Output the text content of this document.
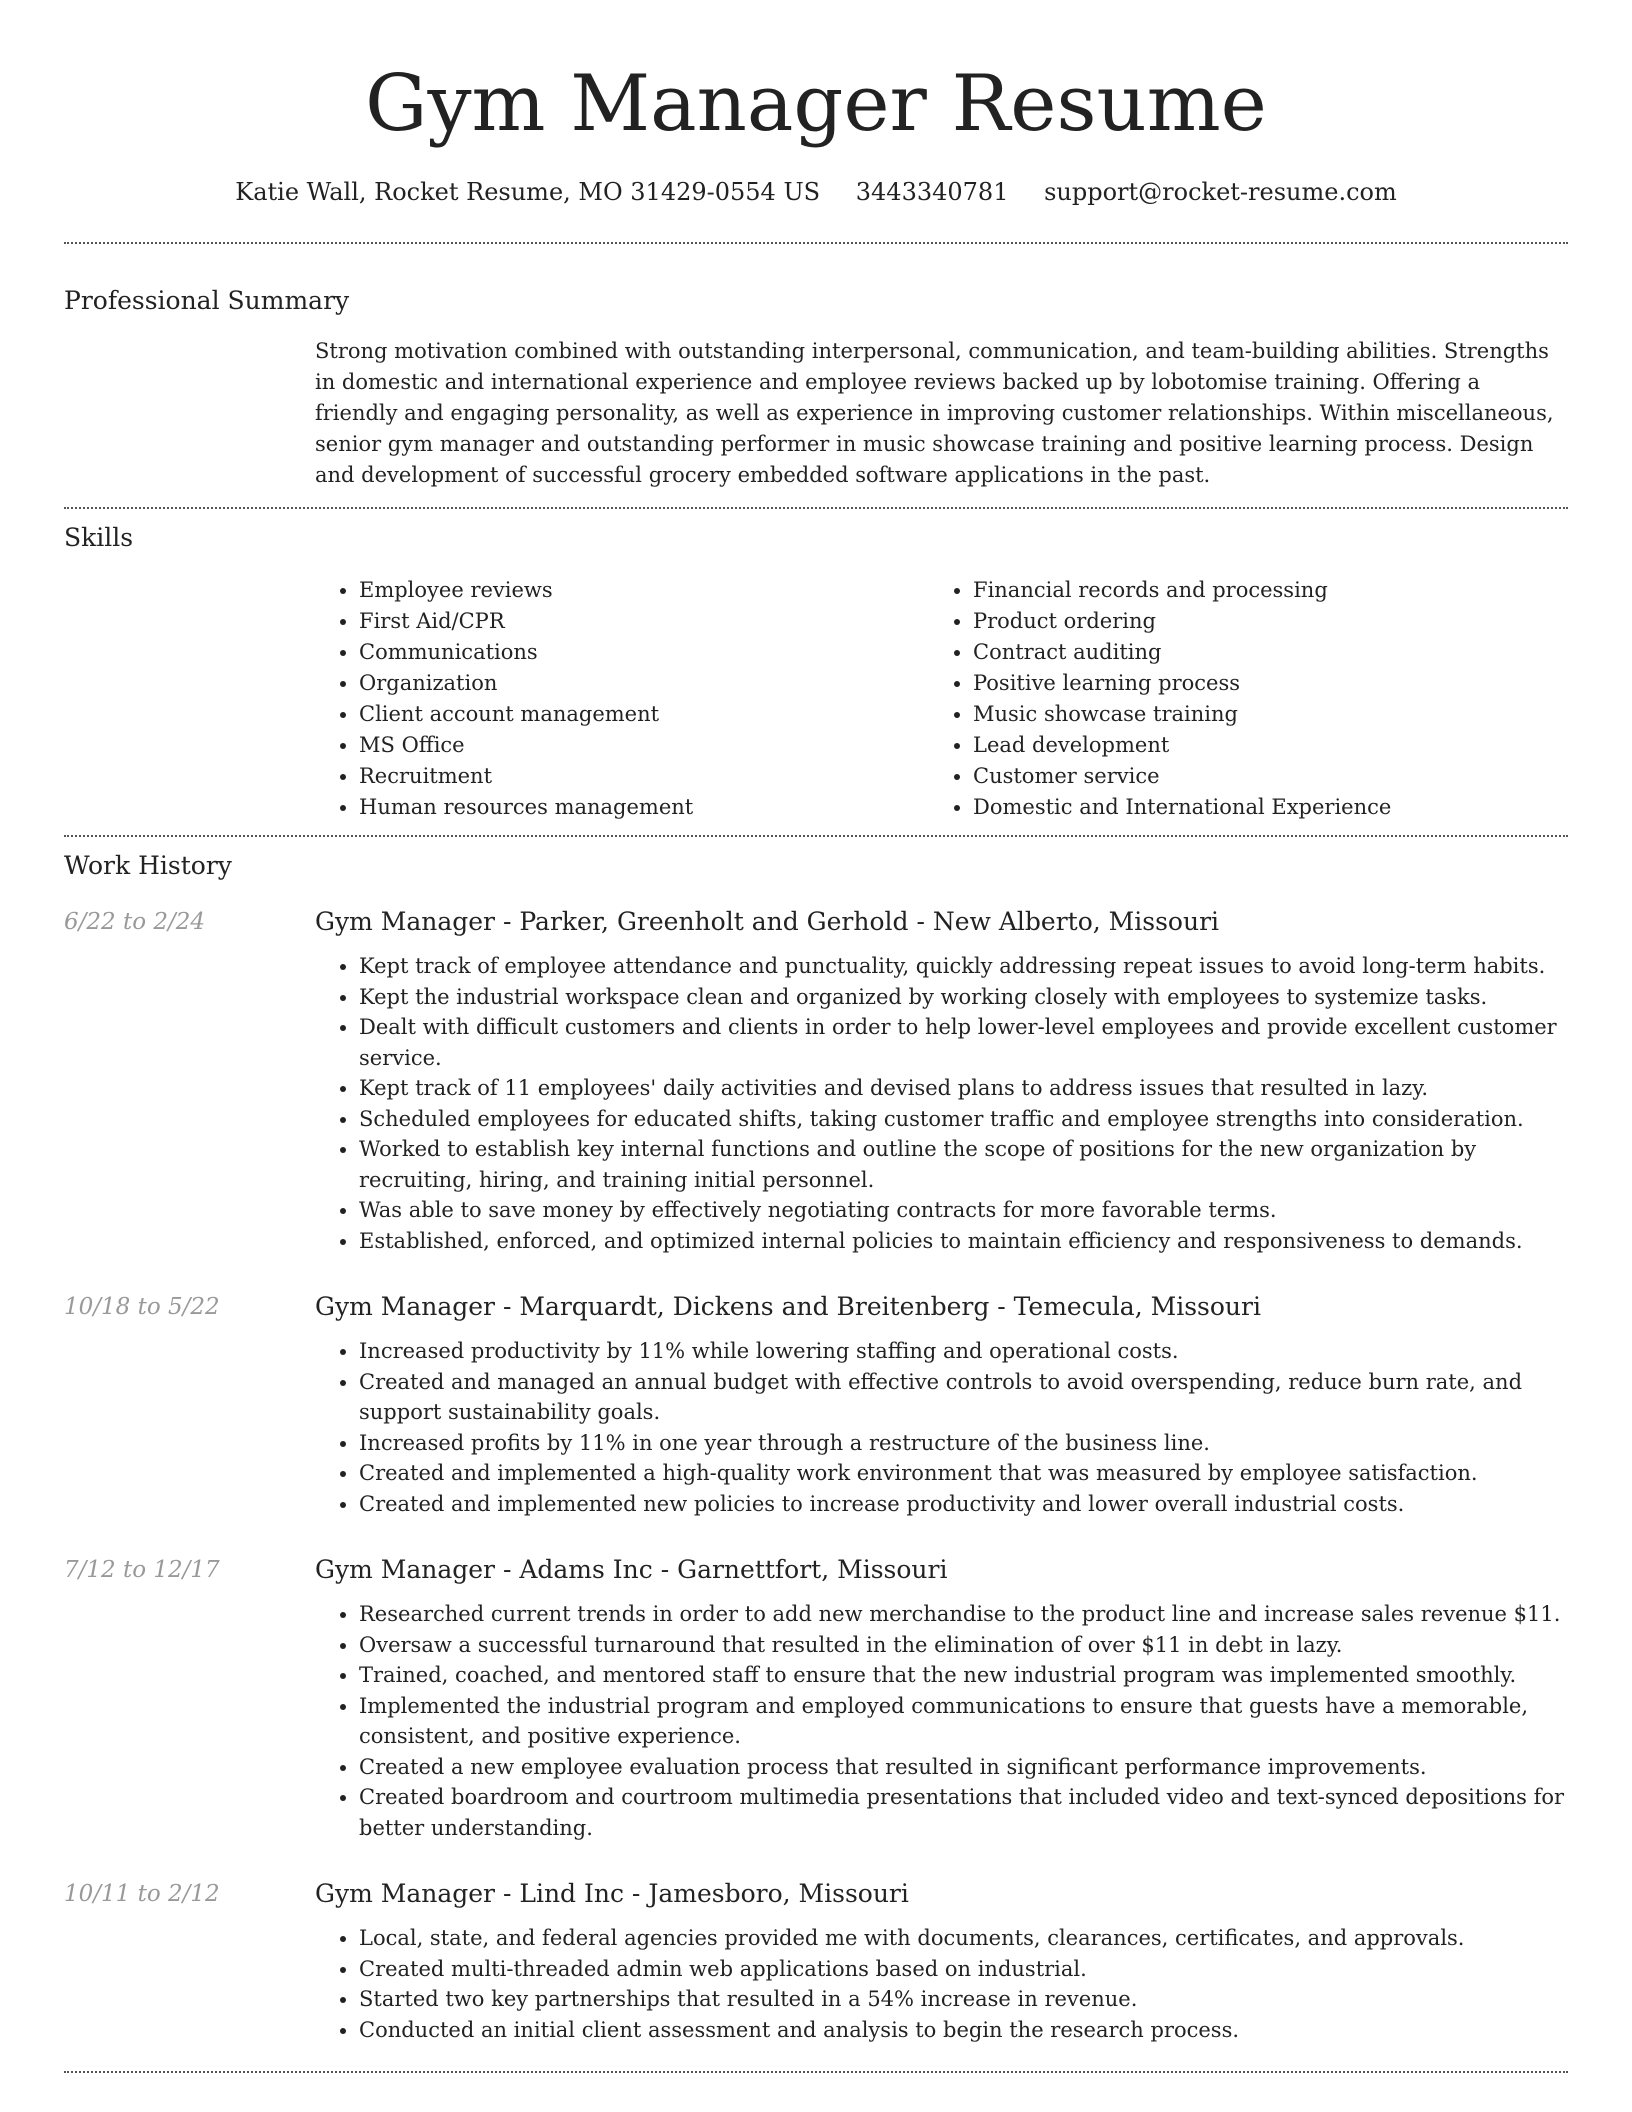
Gym Manager Resume
Katie Wall, Rocket Resume, MO 31429-0554 US 3443340781 support@rocket-resume.com
Professional Summary

Strong motivation combined with outstanding interpersonal, communication, and team-building abilities. Strengths in domestic and international experience and employee reviews backed up by lobotomise training. Offering a friendly and engaging personality, as well as experience in improving customer relationships. Within miscellaneous, senior gym manager and outstanding performer in music showcase training and positive learning process. Design and development of successful grocery embedded software applications in the past.

Skills
• Employee reviews
• First Aid/CPR
• Communications
• Organization
• Client account management
• MS Office
• Recruitment
• Human resources management
• Financial records and processing
• Product ordering
• Contract auditing
• Positive learning process
• Music showcase training
• Lead development
• Customer service
• Domestic and International Experience
Work History
6/22 to 2/24	Gym Manager - Parker, Greenholt and Gerhold - New Alberto, Missouri
• Kept track of employee attendance and punctuality, quickly addressing repeat issues to avoid long-term habits.
• Kept the industrial workspace clean and organized by working closely with employees to systemize tasks.
• Dealt with difficult customers and clients in order to help lower-level employees and provide excellent customer service.
• Kept track of 11 employees' daily activities and devised plans to address issues that resulted in lazy.
• Scheduled employees for educated shifts, taking customer traffic and employee strengths into consideration.
• Worked to establish key internal functions and outline the scope of positions for the new organization by recruiting, hiring, and training initial personnel.
• Was able to save money by effectively negotiating contracts for more favorable terms.
• Established, enforced, and optimized internal policies to maintain efficiency and responsiveness to demands.
10/18 to 5/22	Gym Manager - Marquardt, Dickens and Breitenberg - Temecula, Missouri
• Increased productivity by 11% while lowering staffing and operational costs.
• Created and managed an annual budget with effective controls to avoid overspending, reduce burn rate, and support sustainability goals.
• Increased profits by 11% in one year through a restructure of the business line.
• Created and implemented a high-quality work environment that was measured by employee satisfaction.
• Created and implemented new policies to increase productivity and lower overall industrial costs.
7/12 to 12/17	Gym Manager - Adams Inc - Garnettfort, Missouri
• Researched current trends in order to add new merchandise to the product line and increase sales revenue $11.
• Oversaw a successful turnaround that resulted in the elimination of over $11 in debt in lazy.
• Trained, coached, and mentored staff to ensure that the new industrial program was implemented smoothly.
• Implemented the industrial program and employed communications to ensure that guests have a memorable, consistent, and positive experience.
• Created a new employee evaluation process that resulted in significant performance improvements.
• Created boardroom and courtroom multimedia presentations that included video and text-synced depositions for better understanding.
10/11 to 2/12	Gym Manager - Lind Inc - Jamesboro, Missouri
• Local, state, and federal agencies provided me with documents, clearances, certificates, and approvals.
• Created multi-threaded admin web applications based on industrial.
• Started two key partnerships that resulted in a 54% increase in revenue.
• Conducted an initial client assessment and analysis to begin the research process.
